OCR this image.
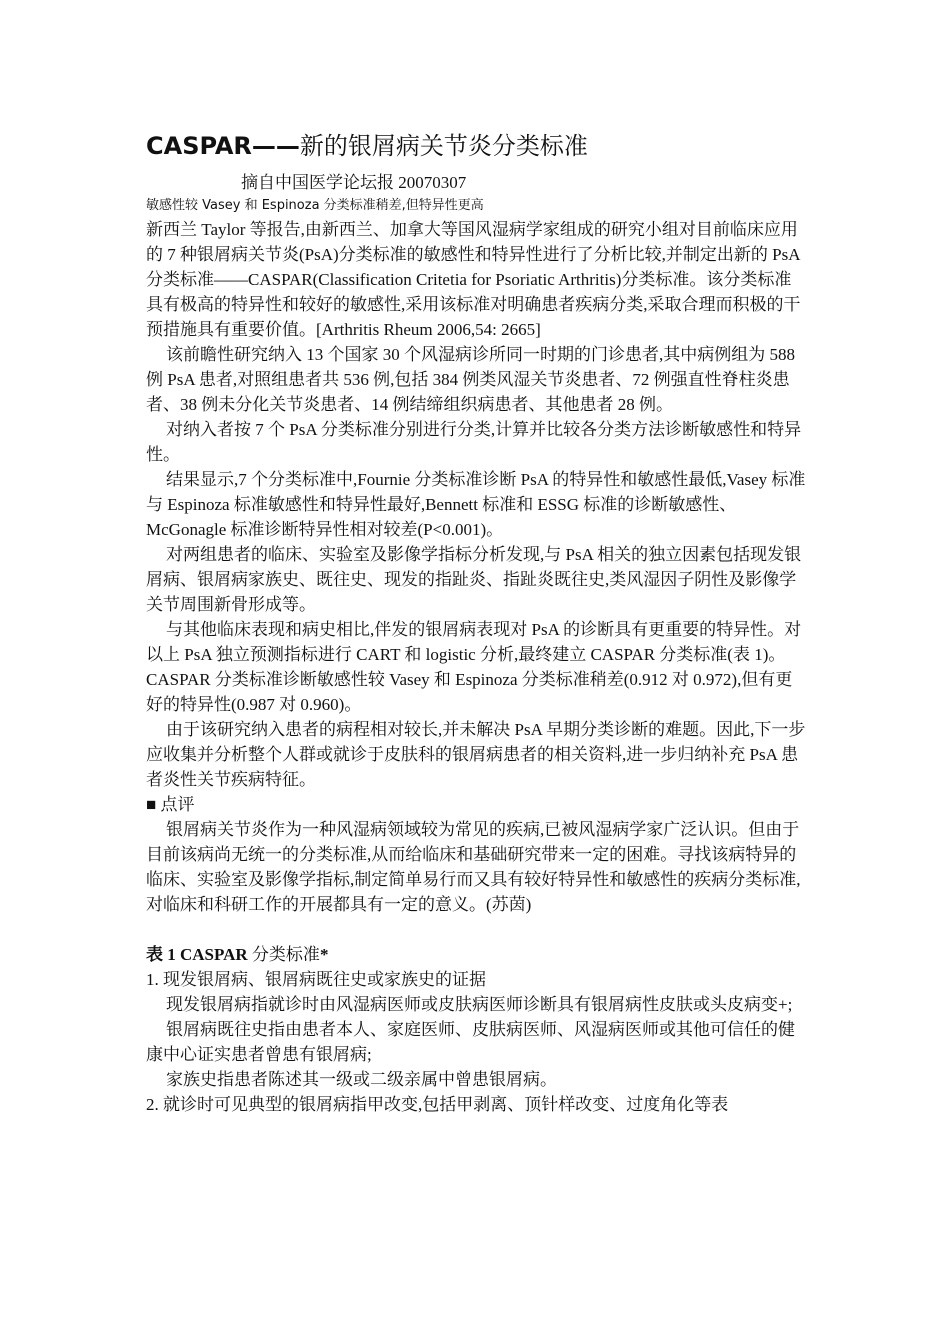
CASPAR——新的银屑病关节炎分类标准

摘自中国医学论坛报 20070307

敏感性较 Vasey 和 Espinoza 分类标准稍差,但特异性更高

新西兰 Taylor 等报告,由新西兰、加拿大等国风湿病学家组成的研究小组对目前临床应用的 7 种银屑病关节炎(PsA)分类标准的敏感性和特异性进行了分析比较,并制定出新的 PsA 分类标准——CASPAR(Classification Critetia for Psoriatic Arthritis)分类标准。该分类标准具有极高的特异性和较好的敏感性,采用该标准对明确患者疾病分类,采取合理而积极的干预措施具有重要价值。[Arthritis Rheum 2006,54: 2665]

该前瞻性研究纳入 13 个国家 30 个风湿病诊所同一时期的门诊患者,其中病例组为 588 例 PsA 患者,对照组患者共 536 例,包括 384 例类风湿关节炎患者、72 例强直性脊柱炎患者、38 例未分化关节炎患者、14 例结缔组织病患者、其他患者 28 例。

对纳入者按 7 个 PsA 分类标准分别进行分类,计算并比较各分类方法诊断敏感性和特异性。

结果显示,7 个分类标准中,Fournie 分类标准诊断 PsA 的特异性和敏感性最低,Vasey 标准与 Espinoza 标准敏感性和特异性最好,Bennett 标准和 ESSG 标准的诊断敏感性、McGonagle 标准诊断特异性相对较差(P<0.001)。

对两组患者的临床、实验室及影像学指标分析发现,与 PsA 相关的独立因素包括现发银屑病、银屑病家族史、既往史、现发的指趾炎、指趾炎既往史,类风湿因子阴性及影像学关节周围新骨形成等。

与其他临床表现和病史相比,伴发的银屑病表现对 PsA 的诊断具有更重要的特异性。对以上 PsA 独立预测指标进行 CART 和 logistic 分析,最终建立 CASPAR 分类标准(表 1)。CASPAR 分类标准诊断敏感性较 Vasey 和 Espinoza 分类标准稍差(0.912 对 0.972),但有更好的特异性(0.987 对 0.960)。

由于该研究纳入患者的病程相对较长,并未解决 PsA 早期分类诊断的难题。因此,下一步应收集并分析整个人群或就诊于皮肤科的银屑病患者的相关资料,进一步归纳补充 PsA 患者炎性关节疾病特征。

■ 点评

银屑病关节炎作为一种风湿病领域较为常见的疾病,已被风湿病学家广泛认识。但由于目前该病尚无统一的分类标准,从而给临床和基础研究带来一定的困难。寻找该病特异的临床、实验室及影像学指标,制定简单易行而又具有较好特异性和敏感性的疾病分类标准,对临床和科研工作的开展都具有一定的意义。(苏茵)

表 1 CASPAR 分类标准*

1. 现发银屑病、银屑病既往史或家族史的证据

现发银屑病指就诊时由风湿病医师或皮肤病医师诊断具有银屑病性皮肤或头皮病变+;

银屑病既往史指由患者本人、家庭医师、皮肤病医师、风湿病医师或其他可信任的健康中心证实患者曾患有银屑病;

家族史指患者陈述其一级或二级亲属中曾患银屑病。

2. 就诊时可见典型的银屑病指甲改变,包括甲剥离、顶针样改变、过度角化等表
